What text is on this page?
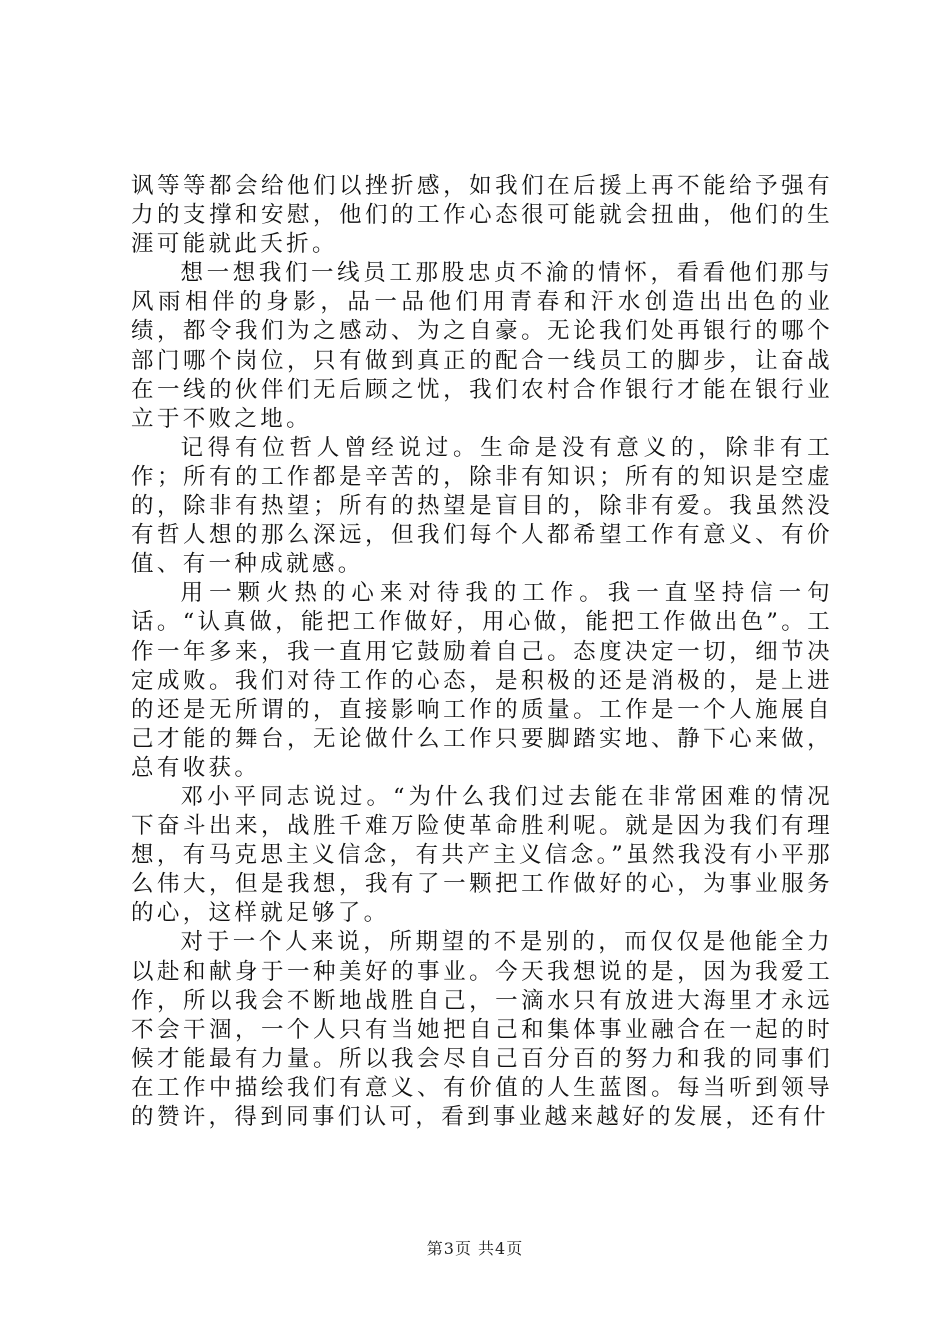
讽等等都会给他们以挫折感，如我们在后援上再不能给予强有力的支撑和安慰，他们的工作心态很可能就会扭曲，他们的生涯可能就此夭折。

想一想我们一线员工那股忠贞不渝的情怀，看看他们那与风雨相伴的身影，品一品他们用青春和汗水创造出出色的业绩，都令我们为之感动、为之自豪。无论我们处再银行的哪个部门哪个岗位，只有做到真正的配合一线员工的脚步，让奋战在一线的伙伴们无后顾之忧，我们农村合作银行才能在银行业立于不败之地。

记得有位哲人曾经说过。生命是没有意义的，除非有工作；所有的工作都是辛苦的，除非有知识；所有的知识是空虚的，除非有热望；所有的热望是盲目的，除非有爱。我虽然没有哲人想的那么深远，但我们每个人都希望工作有意义、有价值、有一种成就感。

用一颗火热的心来对待我的工作。我一直坚持信一句话。“认真做，能把工作做好，用心做，能把工作做出色”。工作一年多来，我一直用它鼓励着自己。态度决定一切，细节决定成败。我们对待工作的心态，是积极的还是消极的，是上进的还是无所谓的，直接影响工作的质量。工作是一个人施展自己才能的舞台，无论做什么工作只要脚踏实地、静下心来做，总有收获。

邓小平同志说过。“为什么我们过去能在非常困难的情况下奋斗出来，战胜千难万险使革命胜利呢。就是因为我们有理想，有马克思主义信念，有共产主义信念。”虽然我没有小平那么伟大，但是我想，我有了一颗把工作做好的心，为事业服务的心，这样就足够了。

对于一个人来说，所期望的不是别的，而仅仅是他能全力以赴和献身于一种美好的事业。今天我想说的是，因为我爱工作，所以我会不断地战胜自己，一滴水只有放进大海里才永远不会干涸，一个人只有当她把自己和集体事业融合在一起的时候才能最有力量。所以我会尽自己百分百的努力和我的同事们在工作中描绘我们有意义、有价值的人生蓝图。每当听到领导的赞许，得到同事们认可，看到事业越来越好的发展，还有什

第3页 共4页
